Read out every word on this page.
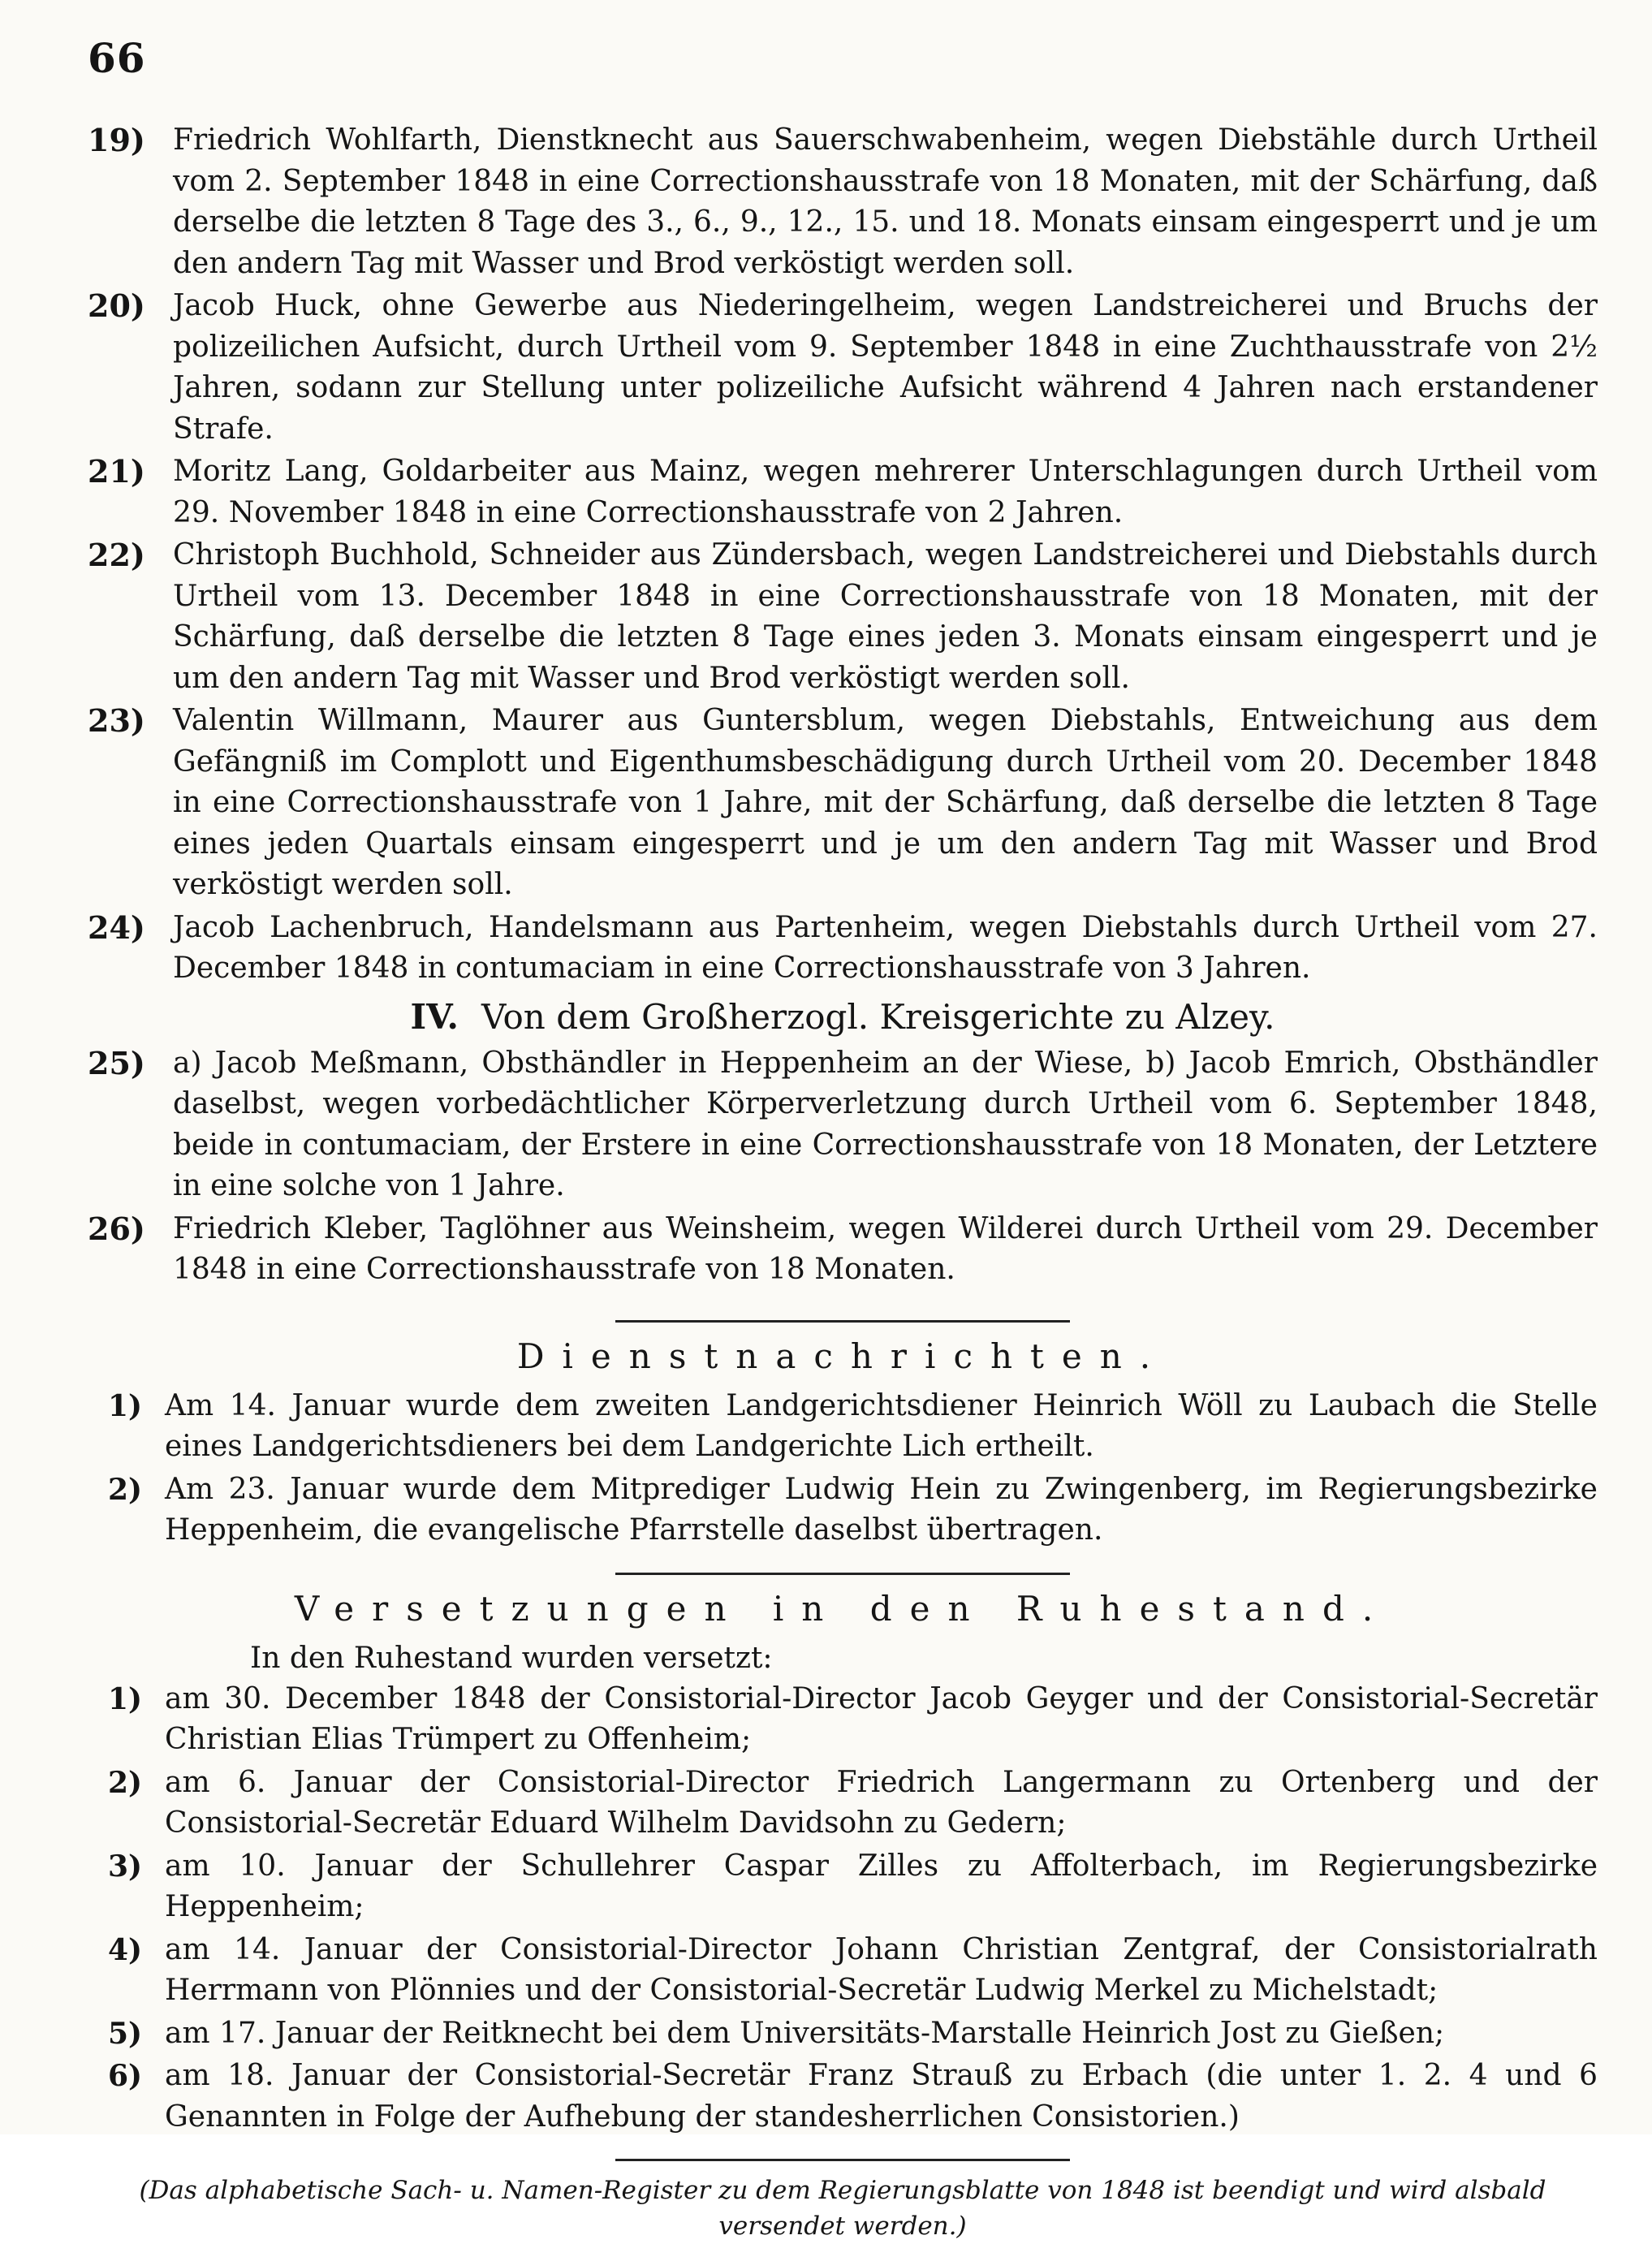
66
19) Friedrich Wohlfarth, Dienstknecht aus Sauerschwabenheim, wegen Diebstähle durch Urtheil vom 2. September 1848 in eine Correctionshausstrafe von 18 Monaten, mit der Schärfung, daß derselbe die letzten 8 Tage des 3., 6., 9., 12., 15. und 18. Monats einsam eingesperrt und je um den andern Tag mit Wasser und Brod verköstigt werden soll.
20) Jacob Huck, ohne Gewerbe aus Niederingelheim, wegen Landstreicherei und Bruchs der polizeilichen Aufsicht, durch Urtheil vom 9. September 1848 in eine Zuchthausstrafe von 2½ Jahren, sodann zur Stellung unter polizeiliche Aufsicht während 4 Jahren nach erstandener Strafe.
21) Moritz Lang, Goldarbeiter aus Mainz, wegen mehrerer Unterschlagungen durch Urtheil vom 29. November 1848 in eine Correctionshausstrafe von 2 Jahren.
22) Christoph Buchhold, Schneider aus Zündersbach, wegen Landstreicherei und Diebstahls durch Urtheil vom 13. December 1848 in eine Correctionshausstrafe von 18 Monaten, mit der Schärfung, daß derselbe die letzten 8 Tage eines jeden 3. Monats einsam eingesperrt und je um den andern Tag mit Wasser und Brod verköstigt werden soll.
23) Valentin Willmann, Maurer aus Guntersblum, wegen Diebstahls, Entweichung aus dem Gefängniß im Complott und Eigenthumsbeschädigung durch Urtheil vom 20. December 1848 in eine Correctionshausstrafe von 1 Jahre, mit der Schärfung, daß derselbe die letzten 8 Tage eines jeden Quartals einsam eingesperrt und je um den andern Tag mit Wasser und Brod verköstigt werden soll.
24) Jacob Lachenbruch, Handelsmann aus Partenheim, wegen Diebstahls durch Urtheil vom 27. December 1848 in contumaciam in eine Correctionshausstrafe von 3 Jahren.
IV. Von dem Großherzogl. Kreisgerichte zu Alzey.
25) a) Jacob Meßmann, Obsthändler in Heppenheim an der Wiese, b) Jacob Emrich, Obsthändler daselbst, wegen vorbedächtlicher Körperverletzung durch Urtheil vom 6. September 1848, beide in contumaciam, der Erstere in eine Correctionshausstrafe von 18 Monaten, der Letztere in eine solche von 1 Jahre.
26) Friedrich Kleber, Taglöhner aus Weinsheim, wegen Wilderei durch Urtheil vom 29. December 1848 in eine Correctionshausstrafe von 18 Monaten.
Dienstnachrichten.
1) Am 14. Januar wurde dem zweiten Landgerichtsdiener Heinrich Wöll zu Laubach die Stelle eines Landgerichtsdieners bei dem Landgerichte Lich ertheilt.
2) Am 23. Januar wurde dem Mitprediger Ludwig Hein zu Zwingenberg, im Regierungsbezirke Heppenheim, die evangelische Pfarrstelle daselbst übertragen.
Versetzungen in den Ruhestand.
In den Ruhestand wurden versetzt:
1) am 30. December 1848 der Consistorial-Director Jacob Geyger und der Consistorial-Secretär Christian Elias Trümpert zu Offenheim;
2) am 6. Januar der Consistorial-Director Friedrich Langermann zu Ortenberg und der Consistorial-Secretär Eduard Wilhelm Davidsohn zu Gedern;
3) am 10. Januar der Schullehrer Caspar Zilles zu Affolterbach, im Regierungsbezirke Heppenheim;
4) am 14. Januar der Consistorial-Director Johann Christian Zentgraf, der Consistorialrath Herrmann von Plönnies und der Consistorial-Secretär Ludwig Merkel zu Michelstadt;
5) am 17. Januar der Reitknecht bei dem Universitäts-Marstalle Heinrich Jost zu Gießen;
6) am 18. Januar der Consistorial-Secretär Franz Strauß zu Erbach (die unter 1. 2. 4 und 6 Genannten in Folge der Aufhebung der standesherrlichen Consistorien.)
(Das alphabetische Sach- u. Namen-Register zu dem Regierungsblatte von 1848 ist beendigt und wird alsbald versendet werden.)
